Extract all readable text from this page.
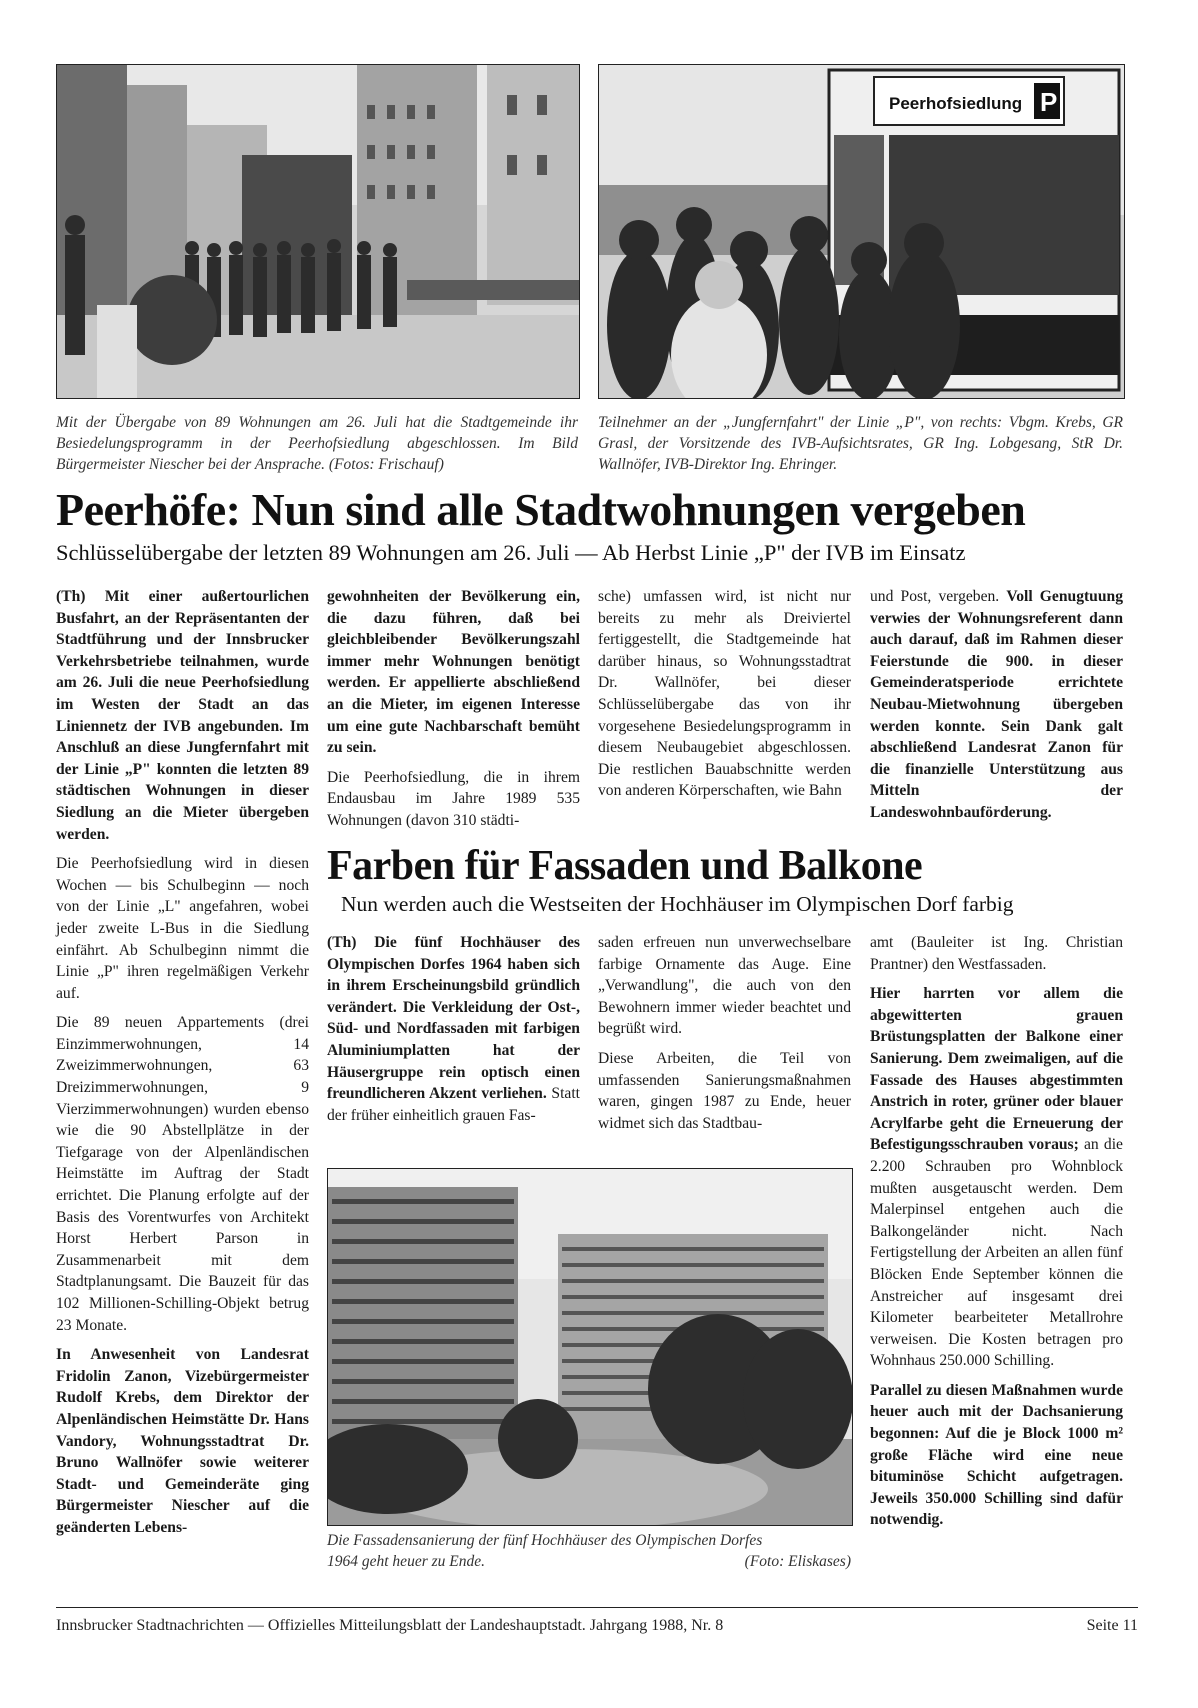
Peerhofsiedlung P

Mit der Übergabe von 89 Wohnungen am 26. Juli hat die Stadtgemeinde ihr Besiedelungsprogramm in der Peerhofsiedlung abgeschlossen. Im Bild Bürgermeister Niescher bei der Ansprache. (Fotos: Frischauf)

Teilnehmer an der „Jungfernfahrt" der Linie „P", von rechts: Vbgm. Krebs, GR Grasl, der Vorsitzende des IVB-Aufsichtsrates, GR Ing. Lobgesang, StR Dr. Wallnöfer, IVB-Direktor Ing. Ehringer.

Peerhöfe: Nun sind alle Stadtwohnungen vergeben
Schlüsselübergabe der letzten 89 Wohnungen am 26. Juli — Ab Herbst Linie „P" der IVB im Einsatz

(Th) Mit einer außertourlichen Busfahrt, an der Repräsentanten der Stadtführung und der Innsbrucker Verkehrsbetriebe teilnahmen, wurde am 26. Juli die neue Peerhofsiedlung im Westen der Stadt an das Liniennetz der IVB angebunden. Im Anschluß an diese Jungfernfahrt mit der Linie „P" konnten die letzten 89 städtischen Wohnungen in dieser Siedlung an die Mieter übergeben werden.

Die Peerhofsiedlung wird in diesen Wochen — bis Schulbeginn — noch von der Linie „L" angefahren, wobei jeder zweite L-Bus in die Siedlung einfährt. Ab Schulbeginn nimmt die Linie „P" ihren regelmäßigen Verkehr auf.

Die 89 neuen Appartements (drei Einzimmerwohnungen, 14 Zweizimmerwohnungen, 63 Dreizimmerwohnungen, 9 Vierzimmerwohnungen) wurden ebenso wie die 90 Abstellplätze in der Tiefgarage von der Alpenländischen Heimstätte im Auftrag der Stadt errichtet. Die Planung erfolgte auf der Basis des Vorentwurfes von Architekt Horst Herbert Parson in Zusammenarbeit mit dem Stadtplanungsamt. Die Bauzeit für das 102 Millionen-Schilling-Objekt betrug 23 Monate.

In Anwesenheit von Landesrat Fridolin Zanon, Vizebürgermeister Rudolf Krebs, dem Direktor der Alpenländischen Heimstätte Dr. Hans Vandory, Wohnungsstadtrat Dr. Bruno Wallnöfer sowie weiterer Stadt- und Gemeinderäte ging Bürgermeister Niescher auf die geänderten Lebens-

gewohnheiten der Bevölkerung ein, die dazu führen, daß bei gleichbleibender Bevölkerungszahl immer mehr Wohnungen benötigt werden. Er appellierte abschließend an die Mieter, im eigenen Interesse um eine gute Nachbarschaft bemüht zu sein.

Die Peerhofsiedlung, die in ihrem Endausbau im Jahre 1989 535 Wohnungen (davon 310 städti-

sche) umfassen wird, ist nicht nur bereits zu mehr als Dreiviertel fertiggestellt, die Stadtgemeinde hat darüber hinaus, so Wohnungsstadtrat Dr. Wallnöfer, bei dieser Schlüsselübergabe das von ihr vorgesehene Besiedelungsprogramm in diesem Neubaugebiet abgeschlossen. Die restlichen Bauabschnitte werden von anderen Körperschaften, wie Bahn

und Post, vergeben. Voll Genugtuung verwies der Wohnungsreferent dann auch darauf, daß im Rahmen dieser Feierstunde die 900. in dieser Gemeinderatsperiode errichtete Neubau-Mietwohnung übergeben werden konnte. Sein Dank galt abschließend Landesrat Zanon für die finanzielle Unterstützung aus Mitteln der Landeswohnbauförderung.

Farben für Fassaden und Balkone
Nun werden auch die Westseiten der Hochhäuser im Olympischen Dorf farbig

(Th) Die fünf Hochhäuser des Olympischen Dorfes 1964 haben sich in ihrem Erscheinungsbild gründlich verändert. Die Verkleidung der Ost-, Süd- und Nordfassaden mit farbigen Aluminiumplatten hat der Häusergruppe rein optisch einen freundlicheren Akzent verliehen. Statt der früher einheitlich grauen Fas-

saden erfreuen nun unverwechselbare farbige Ornamente das Auge. Eine „Verwandlung", die auch von den Bewohnern immer wieder beachtet und begrüßt wird.

Diese Arbeiten, die Teil von umfassenden Sanierungsmaßnahmen waren, gingen 1987 zu Ende, heuer widmet sich das Stadtbau-

amt (Bauleiter ist Ing. Christian Prantner) den Westfassaden.

Hier harrten vor allem die abgewitterten grauen Brüstungsplatten der Balkone einer Sanierung. Dem zweimaligen, auf die Fassade des Hauses abgestimmten Anstrich in roter, grüner oder blauer Acrylfarbe geht die Erneuerung der Befestigungsschrauben voraus; an die 2.200 Schrauben pro Wohnblock mußten ausgetauscht werden. Dem Malerpinsel entgehen auch die Balkongeländer nicht. Nach Fertigstellung der Arbeiten an allen fünf Blöcken Ende September können die Anstreicher auf insgesamt drei Kilometer bearbeiteter Metallrohre verweisen. Die Kosten betragen pro Wohnhaus 250.000 Schilling.

Parallel zu diesen Maßnahmen wurde heuer auch mit der Dachsanierung begonnen: Auf die je Block 1000 m² große Fläche wird eine neue bituminöse Schicht aufgetragen. Jeweils 350.000 Schilling sind dafür notwendig.

Die Fassadensanierung der fünf Hochhäuser des Olympischen Dorfes

1964 geht heuer zu Ende.	(Foto: Eliskases)

Innsbrucker Stadtnachrichten — Offizielles Mitteilungsblatt der Landeshauptstadt. Jahrgang 1988, Nr. 8	Seite 11
